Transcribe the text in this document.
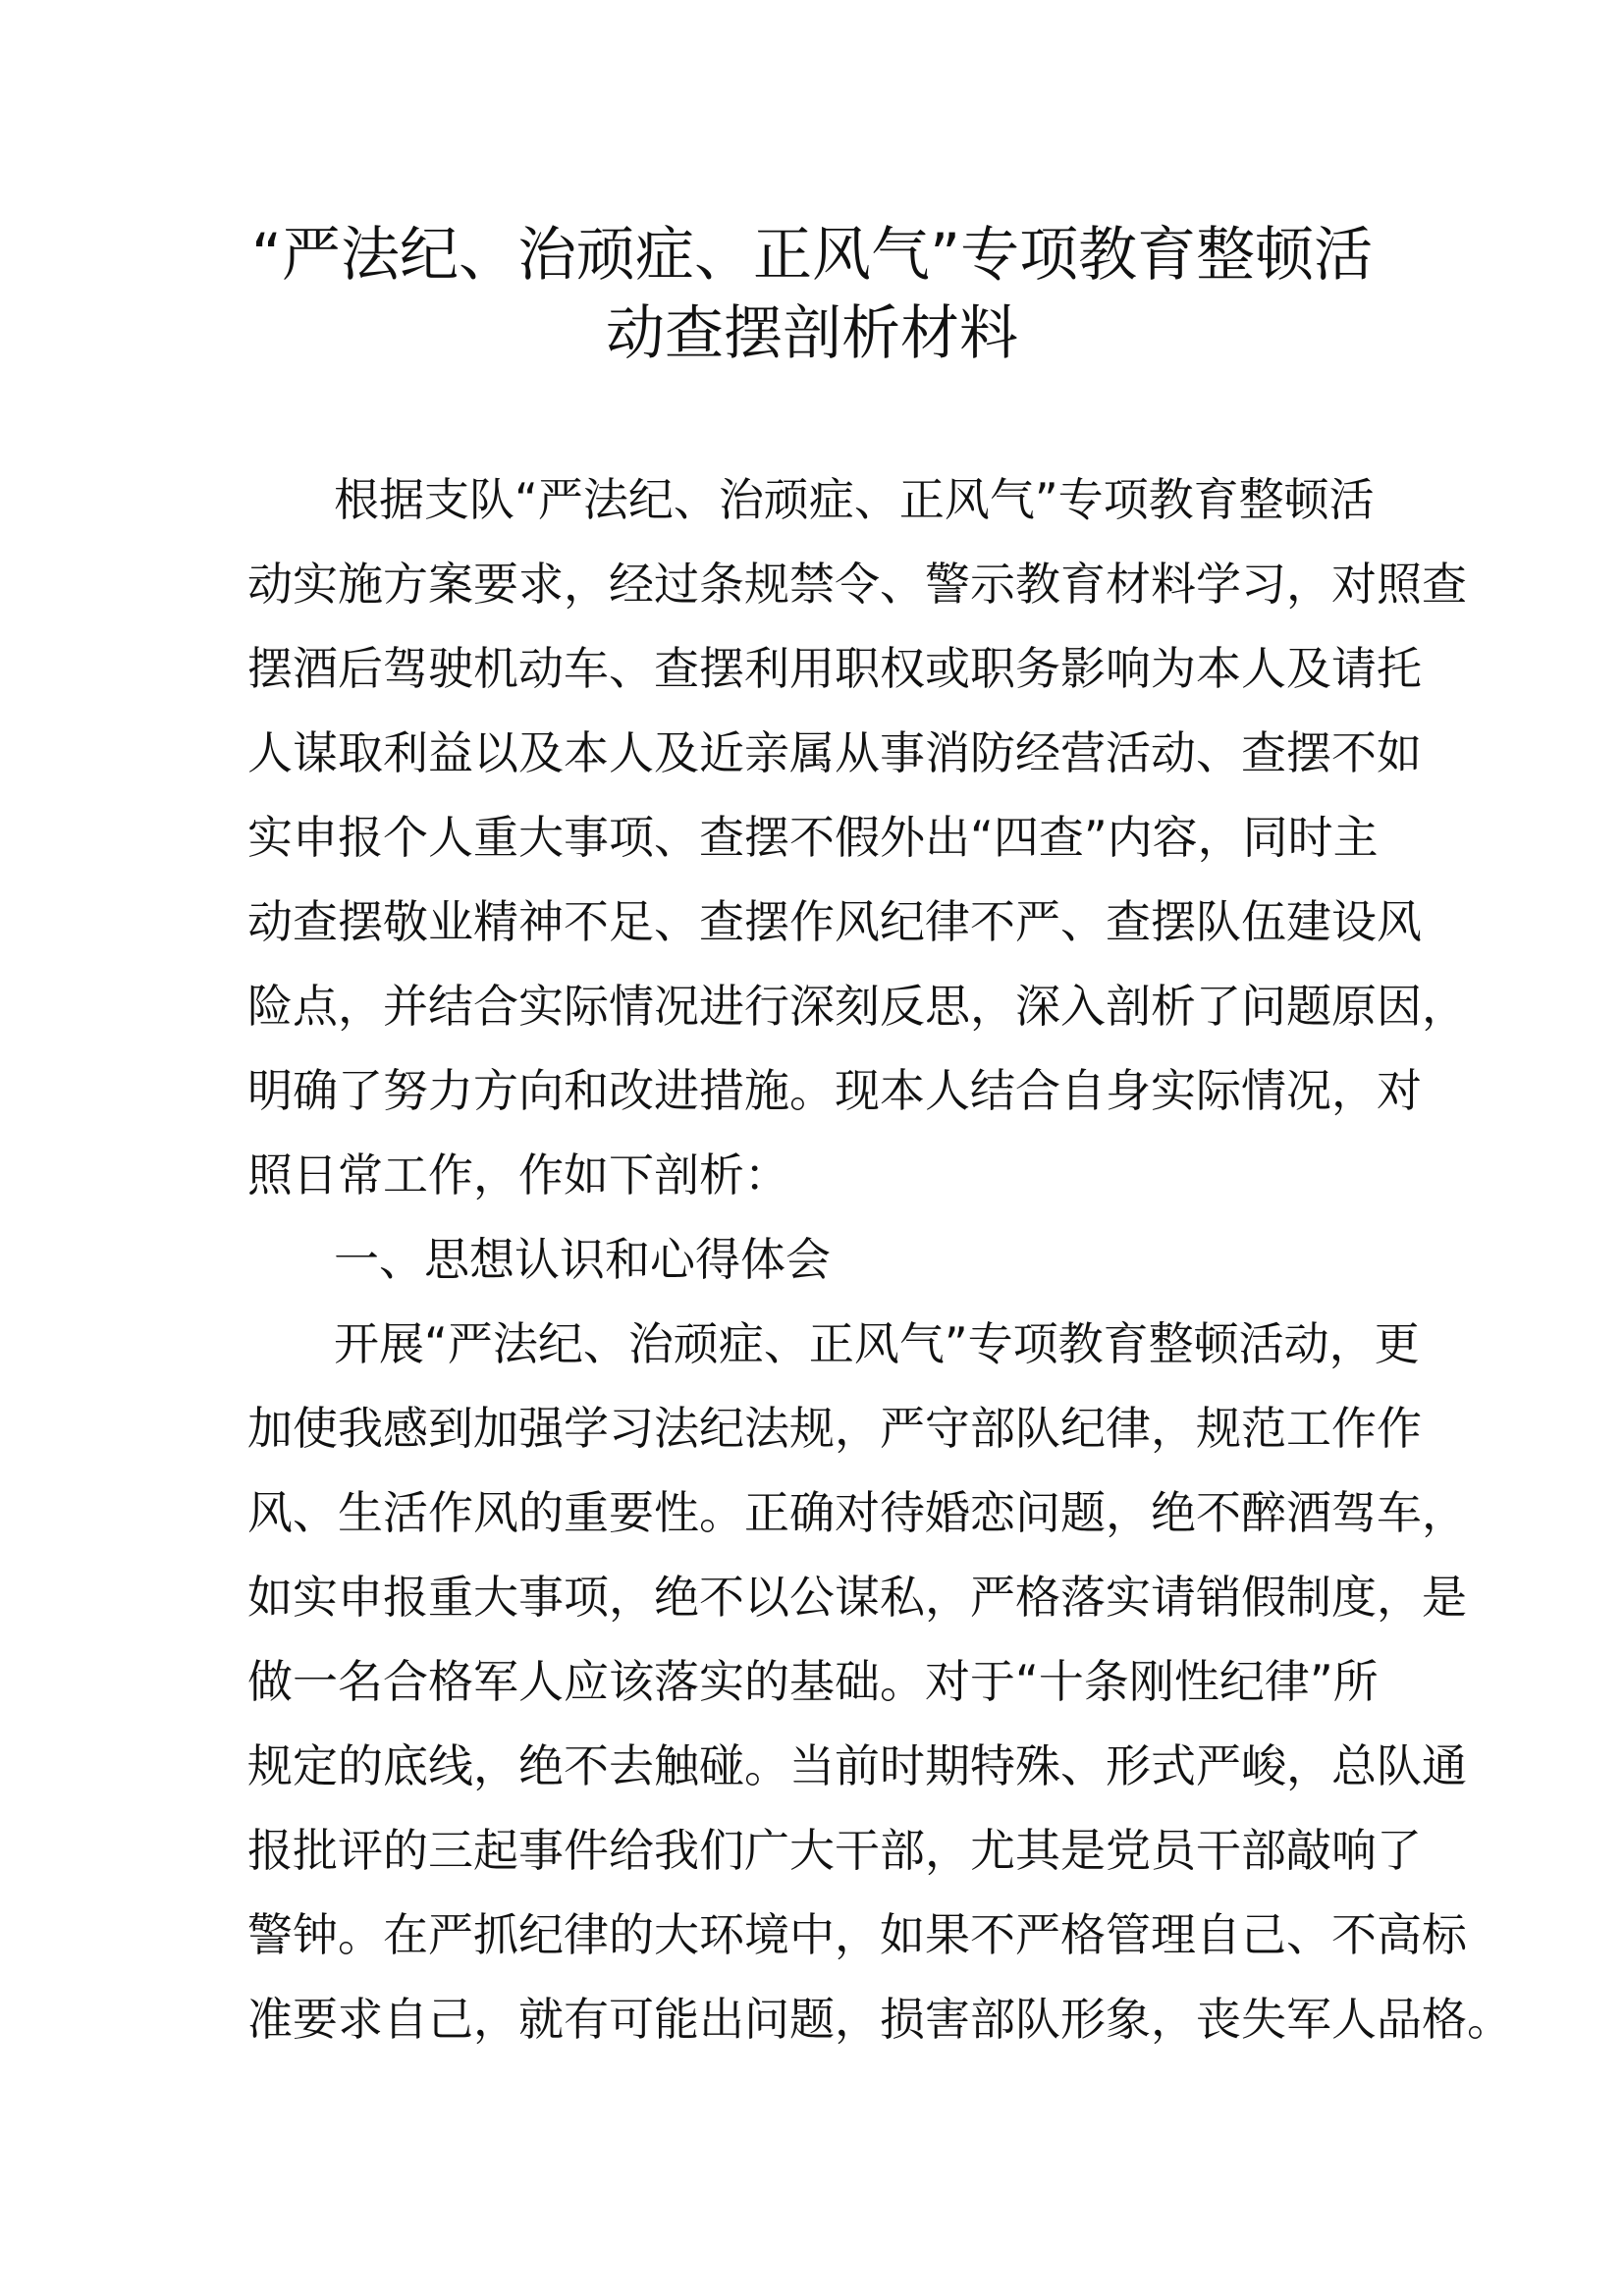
“严法纪、治顽症、正风气”专项教育整顿活
动查摆剖析材料

根据支队“严法纪、治顽症、正风气”专项教育整顿活

动实施方案要求，经过条规禁令、警示教育材料学习，对照查

摆酒后驾驶机动车、查摆利用职权或职务影响为本人及请托

人谋取利益以及本人及近亲属从事消防经营活动、查摆不如

实申报个人重大事项、查摆不假外出“四查”内容，同时主

动查摆敬业精神不足、查摆作风纪律不严、查摆队伍建设风

险点，并结合实际情况进行深刻反思，深入剖析了问题原因，

明确了努力方向和改进措施。现本人结合自身实际情况，对

照日常工作，作如下剖析：

一、思想认识和心得体会

开展“严法纪、治顽症、正风气”专项教育整顿活动，更

加使我感到加强学习法纪法规，严守部队纪律，规范工作作

风、生活作风的重要性。正确对待婚恋问题，绝不醉酒驾车，

如实申报重大事项，绝不以公谋私，严格落实请销假制度，是

做一名合格军人应该落实的基础。对于“十条刚性纪律”所

规定的底线，绝不去触碰。当前时期特殊、形式严峻，总队通

报批评的三起事件给我们广大干部，尤其是党员干部敲响了

警钟。在严抓纪律的大环境中，如果不严格管理自己、不高标

准要求自己，就有可能出问题，损害部队形象，丧失军人品格。
